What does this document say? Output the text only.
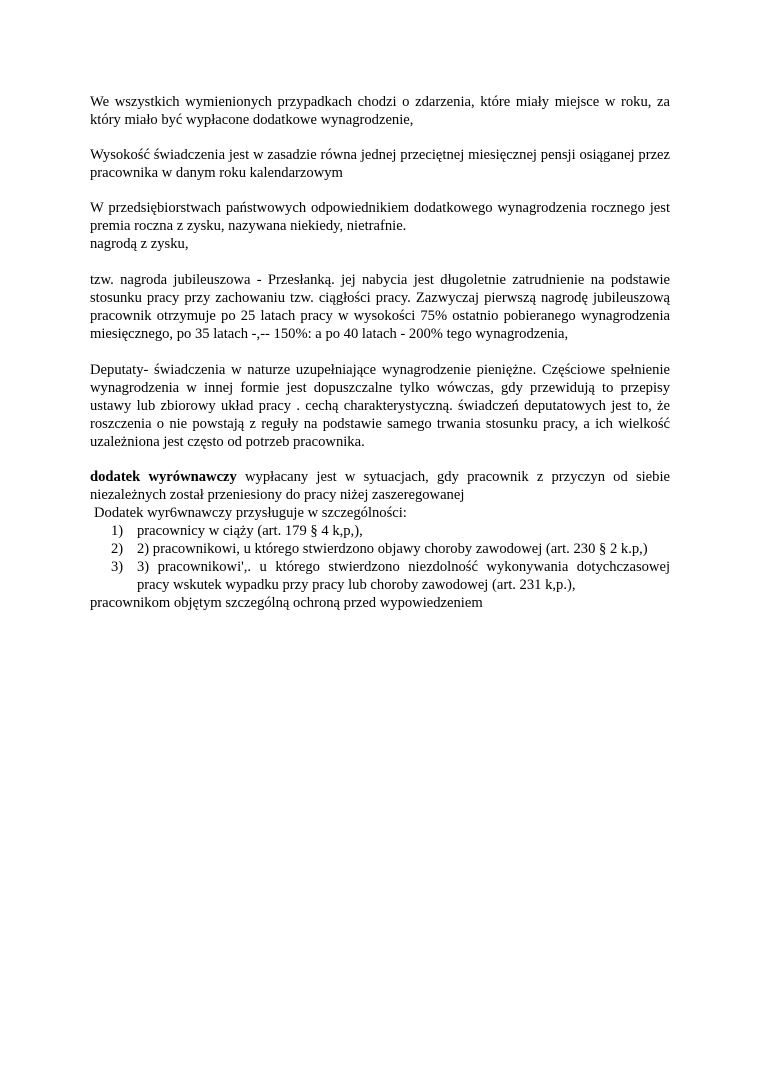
We wszystkich wymienionych przypadkach chodzi o zdarzenia, które miały miejsce w roku, za który miało być wypłacone dodatkowe wynagrodzenie,

Wysokość świadczenia jest w zasadzie równa jednej przeciętnej miesięcznej pensji osiąganej przez pracownika w danym roku kalendarzowym

W przedsiębiorstwach państwowych odpowiednikiem dodatkowego wynagrodzenia rocznego jest premia roczna z zysku, nazywana niekiedy, nietrafnie.

nagrodą z zysku,

tzw. nagroda jubileuszowa - Przesłanką. jej nabycia jest długoletnie zatrudnienie na podstawie stosunku pracy przy zachowaniu tzw. ciągłości pracy. Zazwyczaj pierwszą nagrodę jubileuszową pracownik otrzymuje po 25 latach pracy w wysokości 75% ostatnio pobieranego wynagrodzenia miesięcznego, po 35 latach -,-- 150%: a po 40 latach - 200% tego wynagrodzenia,

Deputaty- świadczenia w naturze uzupełniające wynagrodzenie pieniężne. Częściowe spełnienie wynagrodzenia w innej formie jest dopuszczalne tylko wówczas, gdy przewidują to przepisy ustawy lub zbiorowy układ pracy . cechą charakterystyczną. świadczeń deputatowych jest to, że roszczenia o nie powstają z reguły na podstawie samego trwania stosunku pracy, a ich wielkość uzależniona jest często od potrzeb pracownika.

dodatek wyrównawczy wypłacany jest w sytuacjach, gdy pracownik z przyczyn od siebie niezależnych został przeniesiony do pracy niżej zaszeregowanej

Dodatek wyr6wnawczy przysługuje w szczególności:

1) pracownicy w ciąży (art. 179 § 4 k,p,),
2) 2) pracownikowi, u którego stwierdzono objawy choroby zawodowej (art. 230 § 2 k.p,)
3) 3) pracownikowi',. u którego stwierdzono niezdolność wykonywania dotychczasowej pracy wskutek wypadku przy pracy lub choroby zawodowej (art. 231 k,p.),

pracownikom objętym szczególną ochroną przed wypowiedzeniem
